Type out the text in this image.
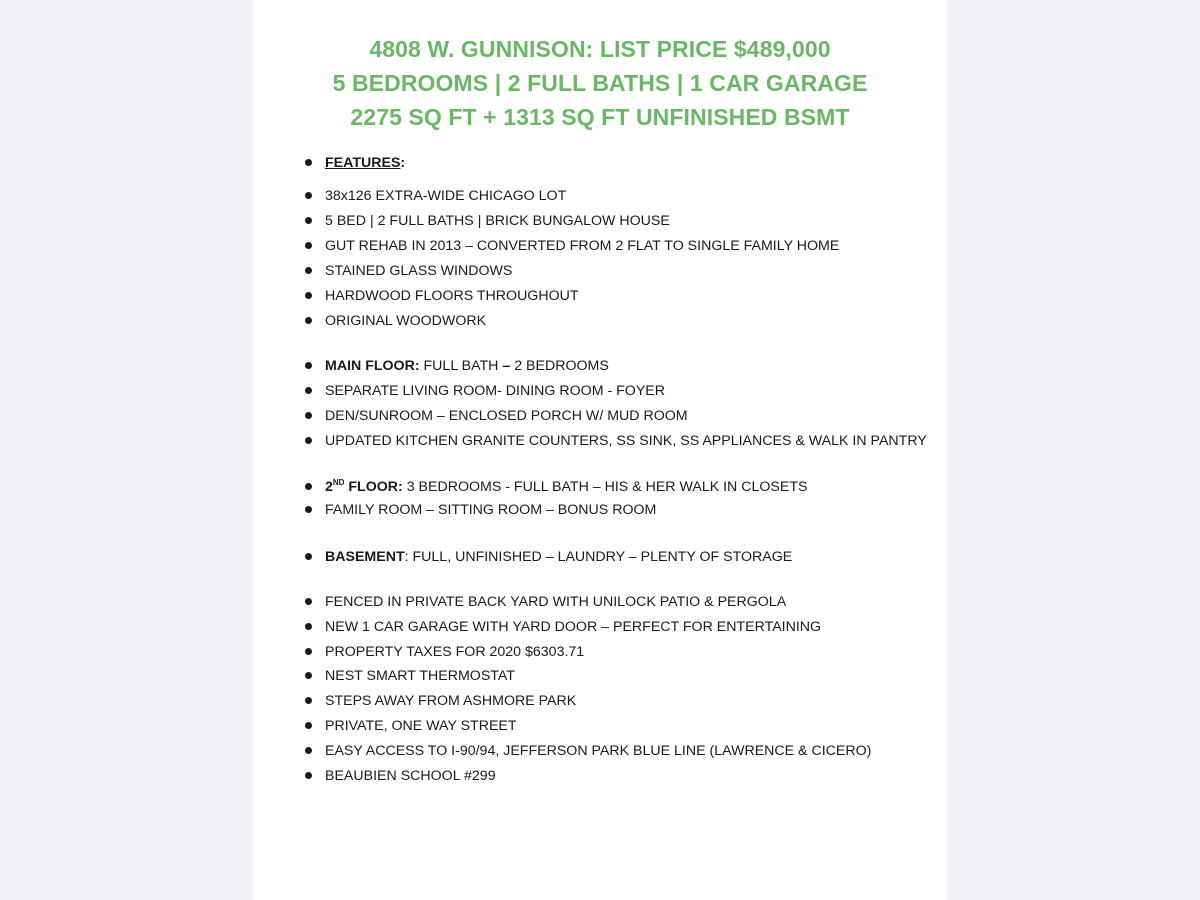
4808 W. GUNNISON: LIST PRICE $489,000
5 BEDROOMS | 2 FULL BATHS | 1 CAR GARAGE
2275 SQ FT + 1313 SQ FT UNFINISHED BSMT
FEATURES:
38x126 EXTRA-WIDE CHICAGO LOT
5 BED | 2 FULL BATHS | BRICK BUNGALOW HOUSE
GUT REHAB IN 2013 – CONVERTED FROM 2 FLAT TO SINGLE FAMILY HOME
STAINED GLASS WINDOWS
HARDWOOD FLOORS THROUGHOUT
ORIGINAL WOODWORK
MAIN FLOOR: FULL BATH – 2 BEDROOMS
SEPARATE LIVING ROOM- DINING ROOM - FOYER
DEN/SUNROOM – ENCLOSED PORCH W/ MUD ROOM
UPDATED KITCHEN GRANITE COUNTERS, SS SINK, SS APPLIANCES & WALK IN PANTRY
2ND FLOOR: 3 BEDROOMS - FULL BATH – HIS & HER WALK IN CLOSETS
FAMILY ROOM – SITTING ROOM – BONUS ROOM
BASEMENT: FULL, UNFINISHED – LAUNDRY – PLENTY OF STORAGE
FENCED IN PRIVATE BACK YARD WITH UNILOCK PATIO & PERGOLA
NEW 1 CAR GARAGE WITH YARD DOOR – PERFECT FOR ENTERTAINING
PROPERTY TAXES FOR 2020 $6303.71
NEST SMART THERMOSTAT
STEPS AWAY FROM ASHMORE PARK
PRIVATE, ONE WAY STREET
EASY ACCESS TO I-90/94, JEFFERSON PARK BLUE LINE (LAWRENCE & CICERO)
BEAUBIEN SCHOOL #299
